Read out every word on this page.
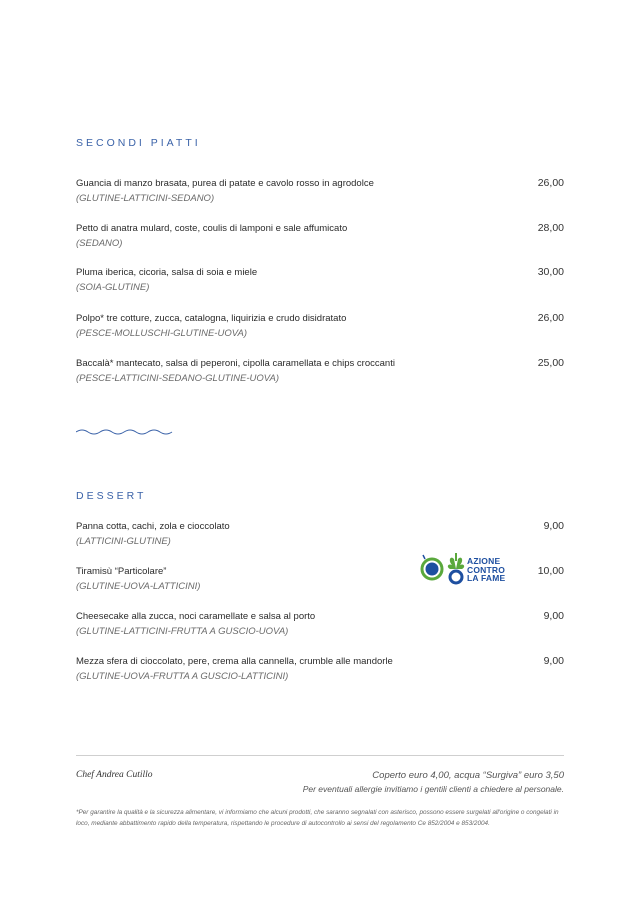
SECONDI PIATTI
Guancia di manzo brasata, purea di patate e cavolo rosso in agrodolce
(GLUTINE-LATTICINI-SEDANO)
26,00
Petto di anatra mulard, coste, coulis di lamponi e sale affumicato
(SEDANO)
28,00
Pluma iberica, cicoria, salsa di soia e miele
(SOIA-GLUTINE)
30,00
Polpo* tre cotture, zucca, catalogna, liquirizia e crudo disidratato
(PESCE-MOLLUSCHI-GLUTINE-UOVA)
26,00
Baccalà* mantecato, salsa di peperoni, cipolla caramellata e chips croccanti
(PESCE-LATTICINI-SEDANO-GLUTINE-UOVA)
25,00
DESSERT
Panna cotta, cachi, zola e cioccolato
(LATTICINI-GLUTINE)
9,00
Tiramisù “Particolare”
(GLUTINE-UOVA-LATTICINI)
10,00
Cheesecake alla zucca, noci caramellate e salsa al porto
(GLUTINE-LATTICINI-FRUTTA A GUSCIO-UOVA)
9,00
Mezza sfera di cioccolato, pere, crema alla cannella, crumble alle mandorle
(GLUTINE-UOVA-FRUTTA A GUSCIO-LATTICINI)
9,00
AZIONE
CONTRO
LA FAME
Chef Andrea Cutillo	Coperto euro 4,00, acqua “Surgiva” euro 3,50
Per eventuali allergie invitiamo i gentili clienti a chiedere al personale.
*Per garantire la qualità e la sicurezza alimentare, vi informiamo che alcuni prodotti, che saranno segnalati con asterisco, possono essere surgelati all'origine o congelati in loco, mediante abbattimento rapido della temperatura, rispettando le procedure di autocontrollo ai sensi del regolamento Ce 852/2004 e 853/2004.
